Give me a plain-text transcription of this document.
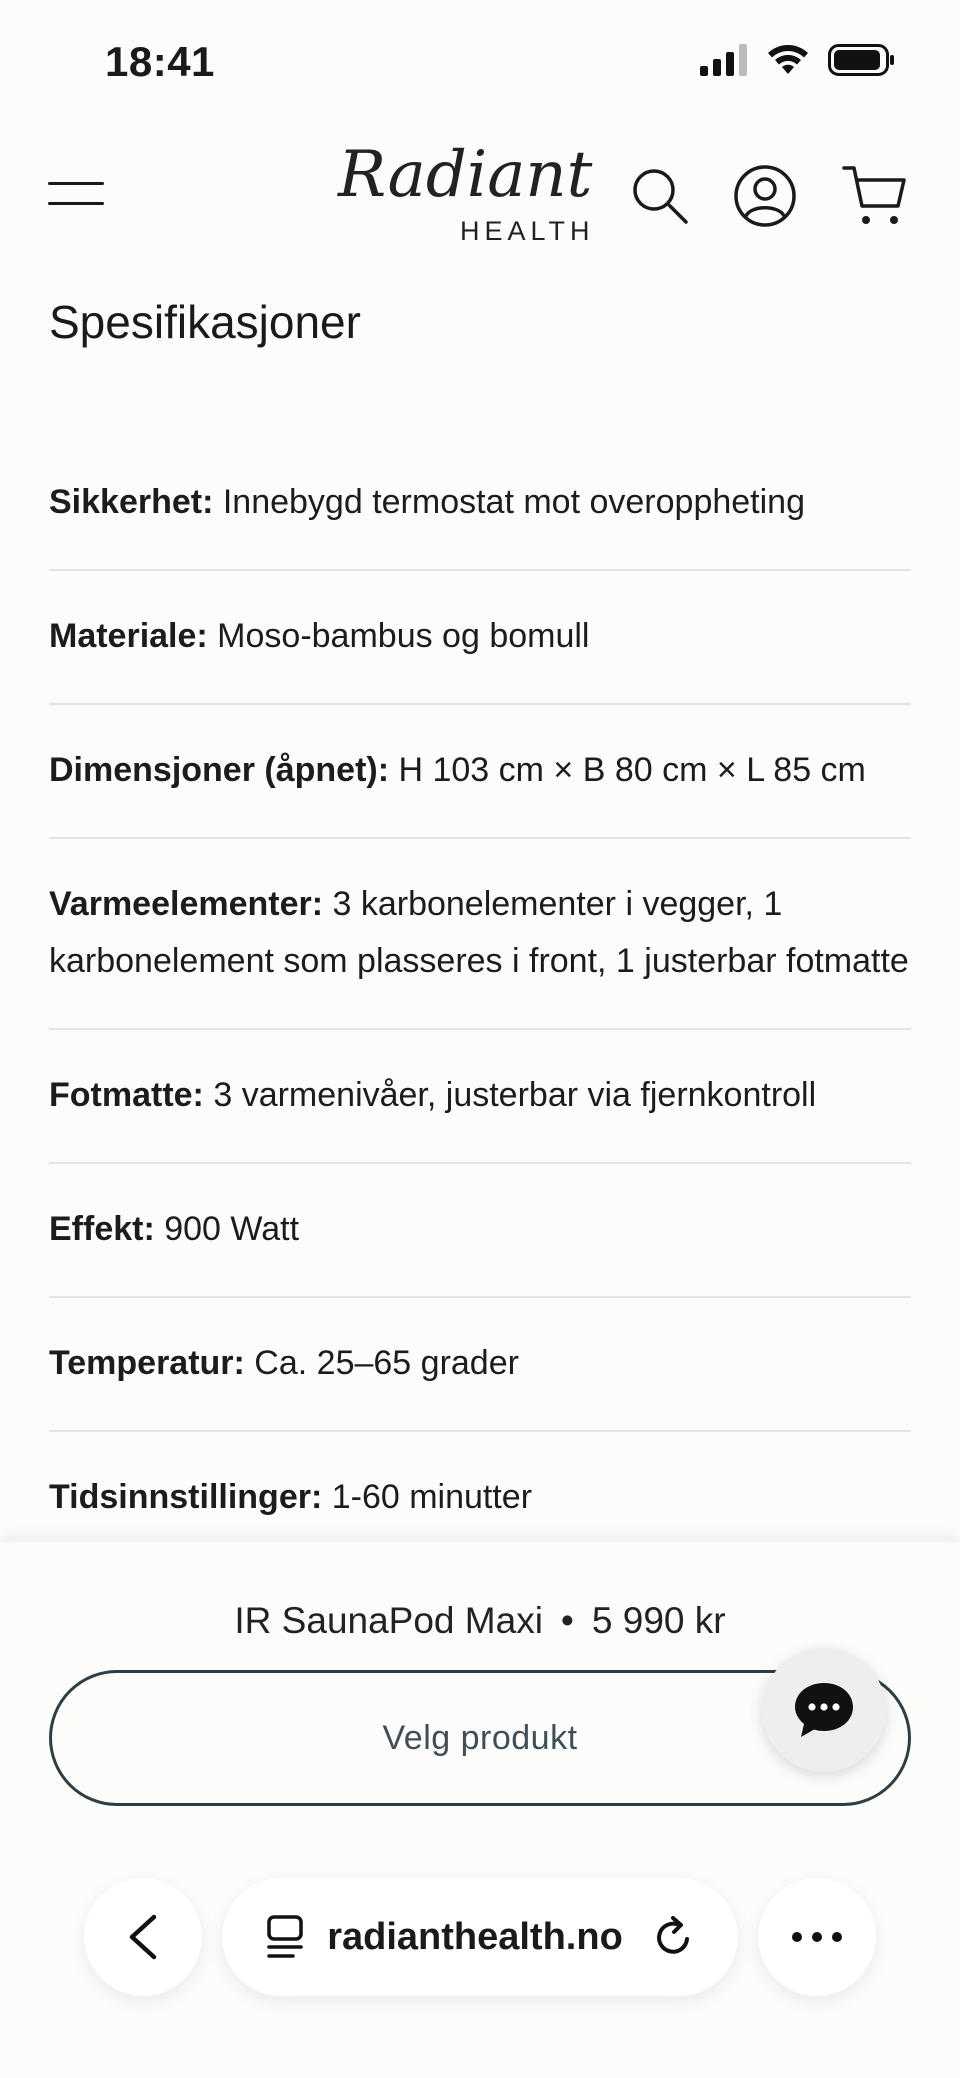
18:41
Radiant
HEALTH
Spesifikasjoner
Sikkerhet: Innebygd termostat mot overoppheting
Materiale: Moso-bambus og bomull
Dimensjoner (åpnet): H 103 cm × B 80 cm × L 85 cm
Varmeelementer: 3 karbonelementer i vegger, 1 karbonelement som plasseres i front, 1 justerbar fotmatte
Fotmatte: 3 varmenivåer, justerbar via fjernkontroll
Effekt: 900 Watt
Temperatur: Ca. 25–65 grader
Tidsinnstillinger: 1-60 minutter
IR SaunaPod Maxi • 5 990 kr
Velg produkt
radianthealth.no
